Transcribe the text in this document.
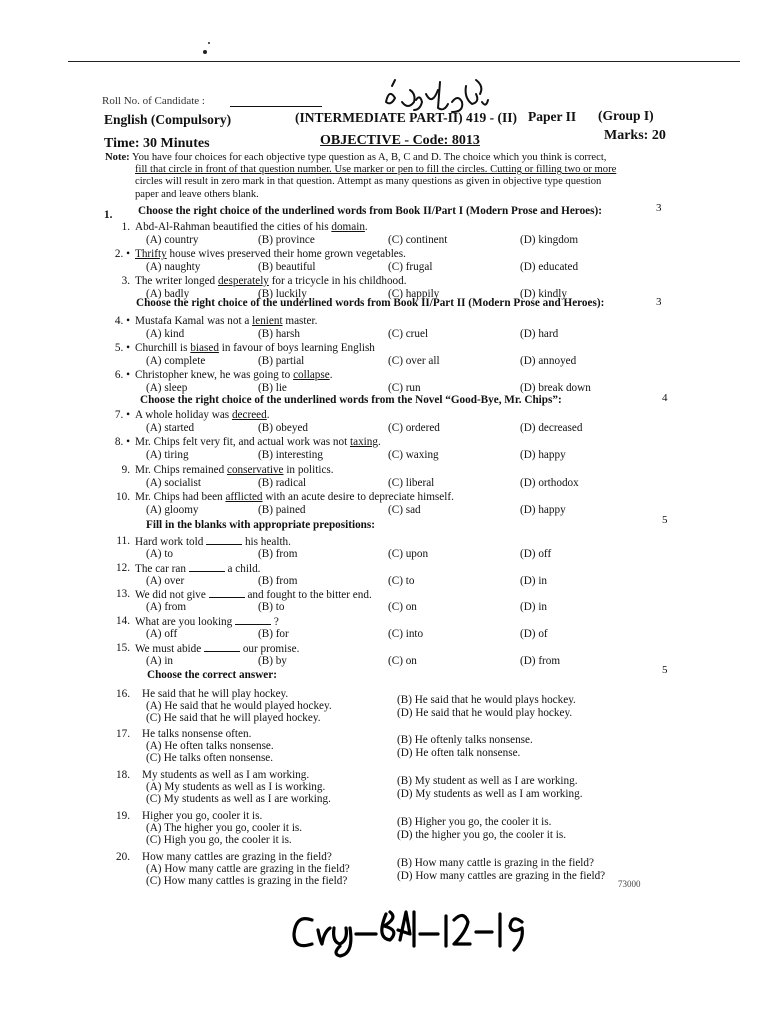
Roll No. of Candidate :
English (Compulsory)	(INTERMEDIATE PART-II) 419 - (II) Paper II (Group I)
Time: 30 Minutes	OBJECTIVE - Code: 8013	Marks: 20
Note: You have four choices for each objective type question as A, B, C and D. The choice which you think is correct,
fill that circle in front of that question number. Use marker or pen to fill the circles. Cutting or filling two or more
circles will result in zero mark in that question. Attempt as many questions as given in objective type question
paper and leave others blank.
1. Choose the right choice of the underlined words from Book II/Part I (Modern Prose and Heroes):	3
Choose the right choice of the underlined words from Book II/Part II (Modern Prose and Heroes):	3
Choose the right choice of the underlined words from the Novel “Good-Bye, Mr. Chips”:	4
Fill in the blanks with appropriate prepositions:	5
Choose the correct answer:	5
1. Abd-Al-Rahman beautified the cities of his domain.
(A) country	(B) province	(C) continent	(D) kingdom
2. • Thrifty house wives preserved their home grown vegetables.
(A) naughty	(B) beautiful	(C) frugal	(D) educated
3. The writer longed desperately for a tricycle in his childhood.
(A) badly	(B) luckily	(C) happily	(D) kindly
4. • Mustafa Kamal was not a lenient master.
(A) kind	(B) harsh	(C) cruel	(D) hard
5. • Churchill is biased in favour of boys learning English
(A) complete	(B) partial	(C) over all	(D) annoyed
6. • Christopher knew, he was going to collapse.
(A) sleep	(B) lie	(C) run	(D) break down
7. • A whole holiday was decreed.
(A) started	(B) obeyed	(C) ordered	(D) decreased
8. • Mr. Chips felt very fit, and actual work was not taxing.
(A) tiring	(B) interesting	(C) waxing	(D) happy
9. Mr. Chips remained conservative in politics.
(A) socialist	(B) radical	(C) liberal	(D) orthodox
10. Mr. Chips had been afflicted with an acute desire to depreciate himself.
(A) gloomy	(B) pained	(C) sad	(D) happy
11. Hard work told	his health.
(A) to	(B) from	(C) upon	(D) off
12. The car ran	a child.
(A) over	(B) from	(C) to	(D) in
13. We did not give	and fought to the bitter end.
(A) from	(B) to	(C) on	(D) in
14. What are you looking	?
(A) off	(B) for	(C) into	(D) of
15. We must abide	our promise.
(A) in	(B) by	(C) on	(D) from
16. He said that he will play hockey.
(A) He said that he would played hockey.	(B) He said that he would plays hockey.
(C) He said that he will played hockey.	(D) He said that he would play hockey.
17. He talks nonsense often.
(A) He often talks nonsense.	(B) He oftenly talks nonsense.
(C) He talks often nonsense.	(D) He often talk nonsense.
18. My students as well as I am working.
(A) My students as well as I is working.	(B) My student as well as I are working.
(C) My students as well as I are working.	(D) My students as well as I am working.
19. Higher you go, cooler it is.
(A) The higher you go, cooler it is.	(B) Higher you go, the cooler it is.
(C) High you go, the cooler it is.	(D) the higher you go, the cooler it is.
20. How many cattles are grazing in the field?
(A) How many cattle are grazing in the field?	(B) How many cattle is grazing in the field?
(C) How many cattles is grazing in the field?	(D) How many cattles are grazing in the field?
73000
